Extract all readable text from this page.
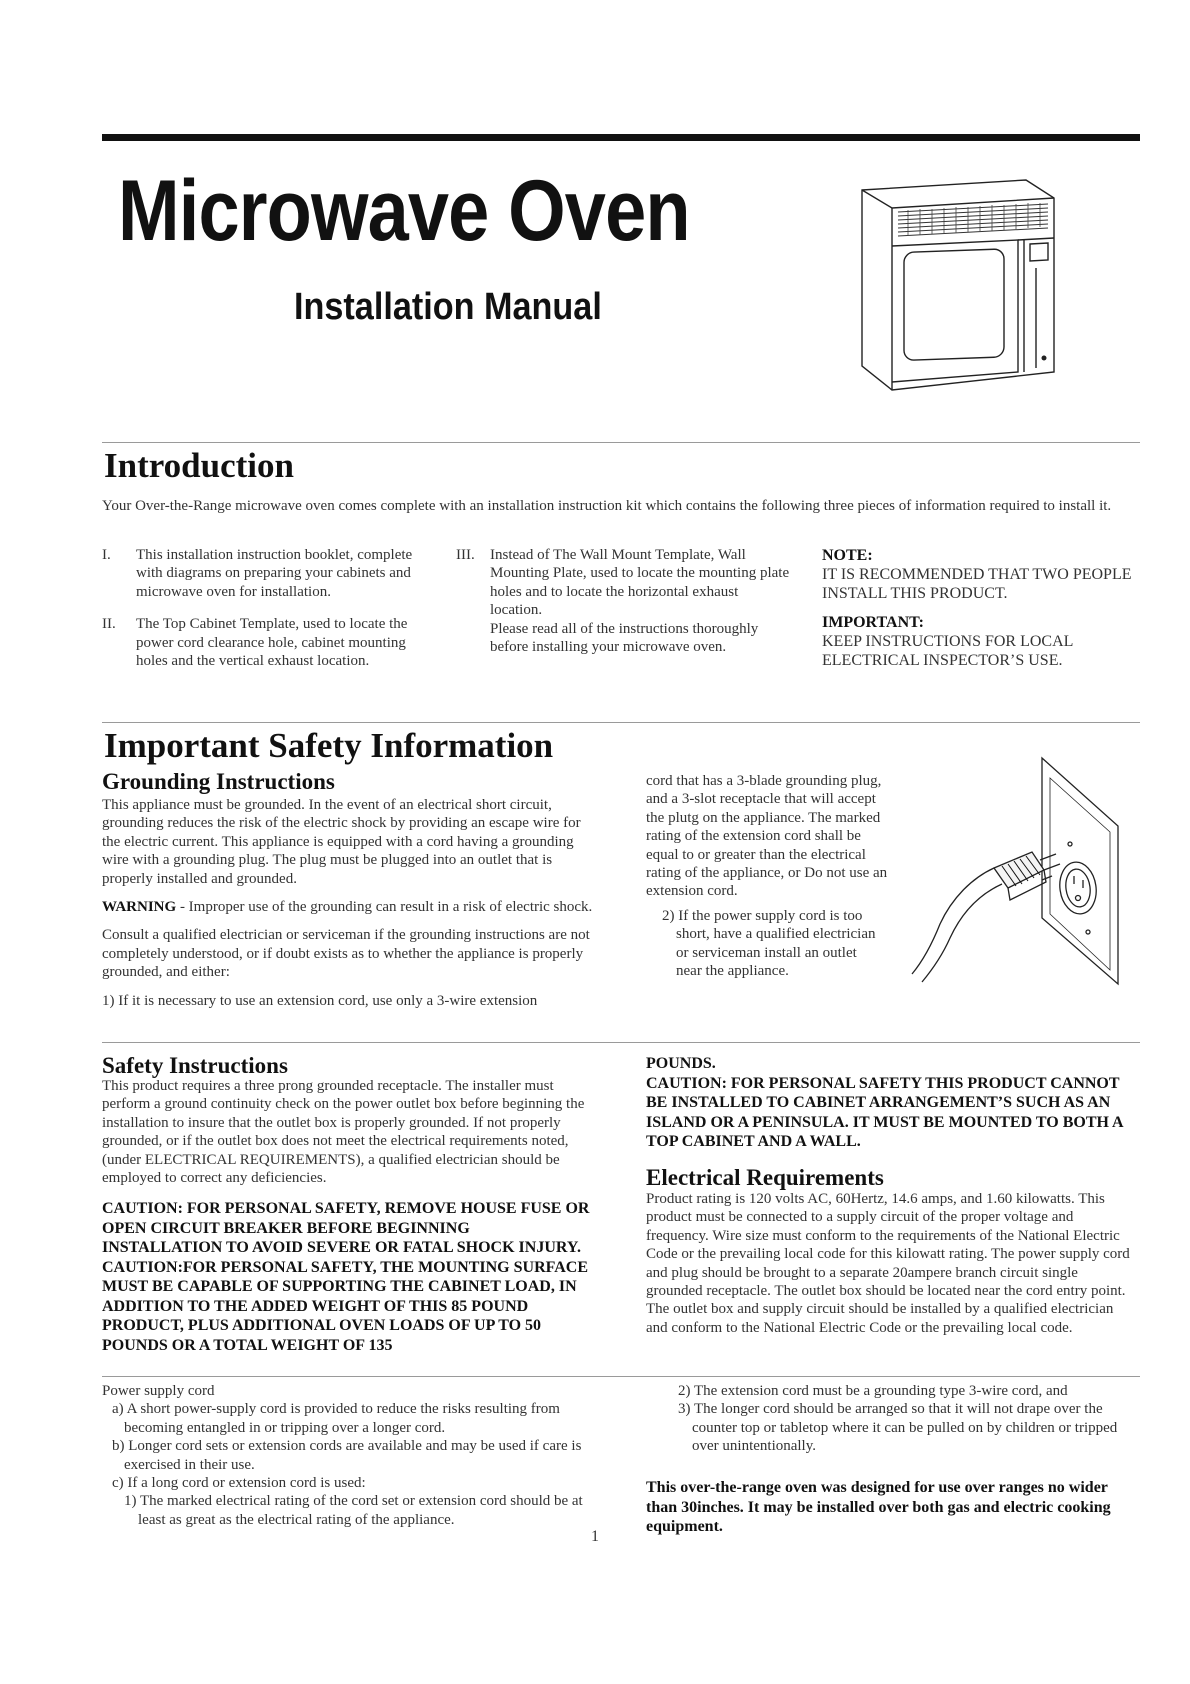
Microwave Oven
Installation Manual
Introduction
Your Over-the-Range microwave oven comes complete with an installation instruction kit which contains the following three pieces of information required to install it.
I. This installation instruction booklet, complete with diagrams on preparing your cabinets and microwave oven for installation.
II. The Top Cabinet Template, used to locate the power cord clearance hole, cabinet mounting holes and the vertical exhaust location.
III. Instead of The Wall Mount Template, Wall Mounting Plate, used to locate the mounting plate holes and to locate the horizontal exhaust location.
Please read all of the instructions thoroughly before installing your microwave oven.

NOTE:

IT IS RECOMMENDED THAT TWO PEOPLE INSTALL THIS PRODUCT.

IMPORTANT:

KEEP INSTRUCTIONS FOR LOCAL ELECTRICAL INSPECTOR’S USE.

Important Safety Information
Grounding Instructions

This appliance must be grounded. In the event of an electrical short circuit, grounding reduces the risk of the electric shock by providing an escape wire for the electric current. This appliance is equipped with a cord having a grounding wire with a grounding plug. The plug must be plugged into an outlet that is properly installed and grounded.

WARNING - Improper use of the grounding can result in a risk of electric shock.

Consult a qualified electrician or serviceman if the grounding instructions are not completely understood, or if doubt exists as to whether the appliance is properly grounded, and either:

1) If it is necessary to use an extension cord, use only a 3-wire extension

cord that has a 3-blade grounding plug, and a 3-slot receptacle that will accept the plutg on the appliance. The marked rating of the extension cord shall be equal to or greater than the electrical rating of the appliance, or Do not use an extension cord.

2) If the power supply cord is too short, have a qualified electrician or serviceman install an outlet near the appliance.

Safety Instructions

This product requires a three prong grounded receptacle. The installer must perform a ground continuity check on the power outlet box before beginning the installation to insure that the outlet box is properly grounded. If not properly grounded, or if the outlet box does not meet the electrical requirements noted, (under ELECTRICAL REQUIREMENTS), a qualified electrician should be employed to correct any deficiencies.

CAUTION: FOR PERSONAL SAFETY, REMOVE HOUSE FUSE OR OPEN CIRCUIT BREAKER BEFORE BEGINNING INSTALLATION TO AVOID SEVERE OR FATAL SHOCK INJURY. CAUTION:FOR PERSONAL SAFETY, THE MOUNTING SURFACE MUST BE CAPABLE OF SUPPORTING THE CABINET LOAD, IN ADDITION TO THE ADDED WEIGHT OF THIS 85 POUND PRODUCT, PLUS ADDITIONAL OVEN LOADS OF UP TO 50 POUNDS OR A TOTAL WEIGHT OF 135

POUNDS.

CAUTION: FOR PERSONAL SAFETY THIS PRODUCT CANNOT BE INSTALLED TO CABINET ARRANGEMENT’S SUCH AS AN ISLAND OR A PENINSULA. IT MUST BE MOUNTED TO BOTH A TOP CABINET AND A WALL.

Electrical Requirements
Product rating is 120 volts AC, 60Hertz, 14.6 amps, and 1.60 kilowatts. This product must be connected to a supply circuit of the proper voltage and frequency. Wire size must conform to the requirements of the National Electric Code or the prevailing local code for this kilowatt rating. The power supply cord and plug should be brought to a separate 20ampere branch circuit single grounded receptacle. The outlet box should be located near the cord entry point. The outlet box and supply circuit should be installed by a qualified electrician and conform to the National Electric Code or the prevailing local code.

Power supply cord

a) A short power-supply cord is provided to reduce the risks resulting from becoming entangled in or tripping over a longer cord.

b) Longer cord sets or extension cords are available and may be used if care is exercised in their use.

c) If a long cord or extension cord is used:

1) The marked electrical rating of the cord set or extension cord should be at least as great as the electrical rating of the appliance.

2) The extension cord must be a grounding type 3-wire cord, and

3) The longer cord should be arranged so that it will not drape over the counter top or tabletop where it can be pulled on by children or tripped over unintentionally.

This over-the-range oven was designed for use over ranges no wider than 30inches. It may be installed over both gas and electric cooking equipment.
1
